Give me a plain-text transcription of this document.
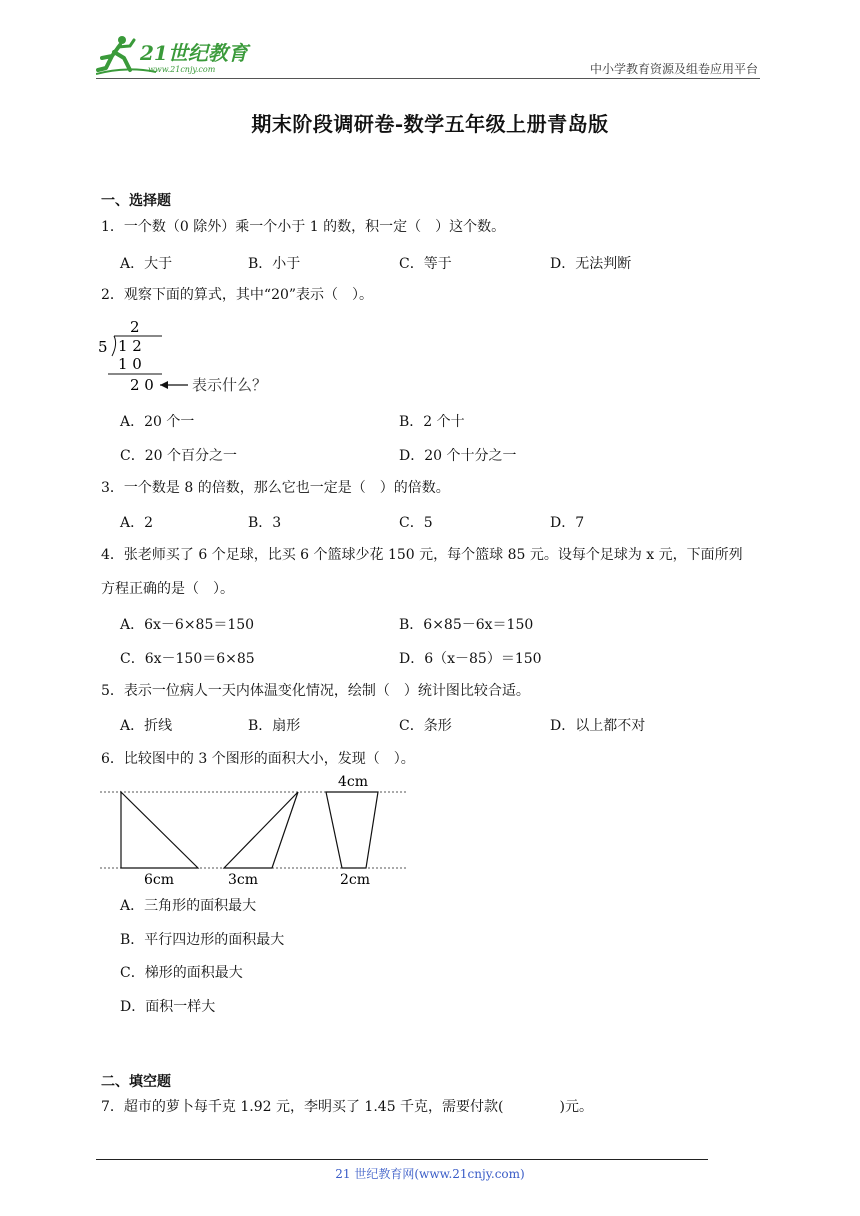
21世纪教育
www.21cnjy.com	中小学教育资源及组卷应用平台
期末阶段调研卷-数学五年级上册青岛版
一、选择题
1．一个数（0 除外）乘一个小于 1 的数，积一定（　）这个数。
A．大于	B．小于	C．等于	D．无法判断
2．观察下面的算式，其中“20”表示（　）。
2
5 1 2
1 0
2 0	表示什么？
A．20 个一	B．2 个十
C．20 个百分之一	D．20 个十分之一
3．一个数是 8 的倍数，那么它也一定是（　）的倍数。
A．2	B．3	C．5	D．7
4．张老师买了 6 个足球，比买 6 个篮球少花 150 元，每个篮球 85 元。设每个足球为 x 元，下面所列
方程正确的是（　）。
A．6x－6×85＝150	B．6×85－6x＝150
C．6x－150＝6×85	D．6（x－85）＝150
5．表示一位病人一天内体温变化情况，绘制（　）统计图比较合适。
A．折线	B．扇形	C．条形	D．以上都不对
6．比较图中的 3 个图形的面积大小，发现（　）。
4cm
6cm	3cm	2cm
A．三角形的面积最大
B．平行四边形的面积最大
C．梯形的面积最大
D．面积一样大
二、填空题
7．超市的萝卜每千克 1.92 元，李明买了 1.45 千克，需要付款(　　　　)元。
21 世纪教育网(www.21cnjy.com)
